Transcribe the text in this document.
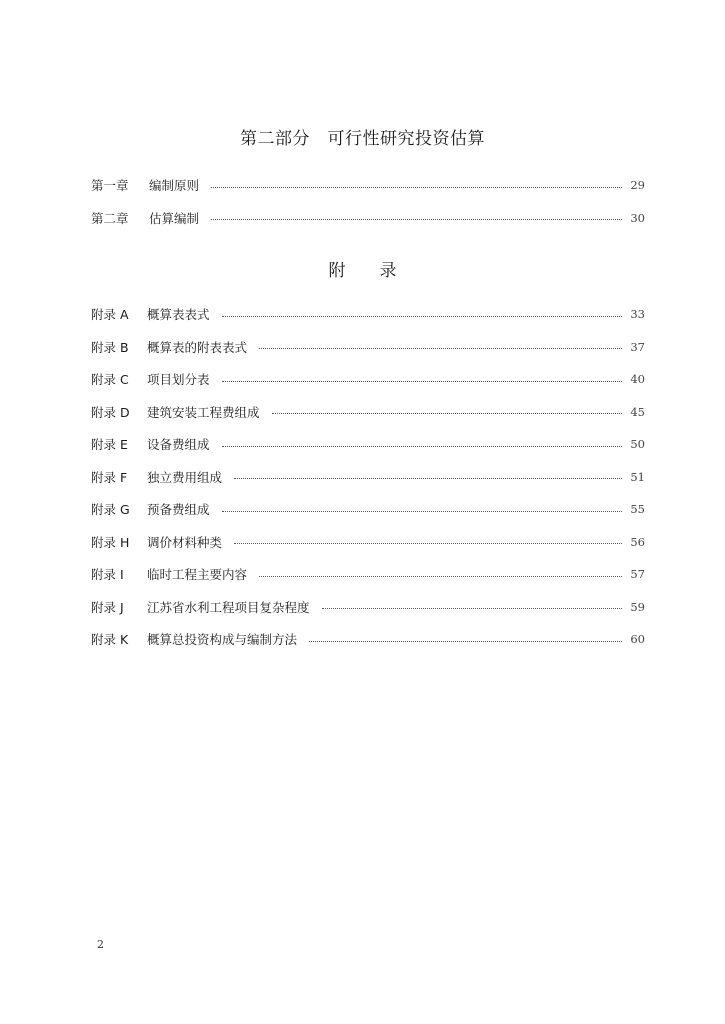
第二部分　可行性研究投资估算
第一章	编制原则	29
第二章	估算编制	30
附　　录
附录 A	概算表表式	33
附录 B	概算表的附表表式	37
附录 C	项目划分表	40
附录 D	建筑安装工程费组成	45
附录 E	设备费组成	50
附录 F	独立费用组成	51
附录 G	预备费组成	55
附录 H	调价材料种类	56
附录 I	临时工程主要内容	57
附录 J	江苏省水利工程项目复杂程度	59
附录 K	概算总投资构成与编制方法	60
2
